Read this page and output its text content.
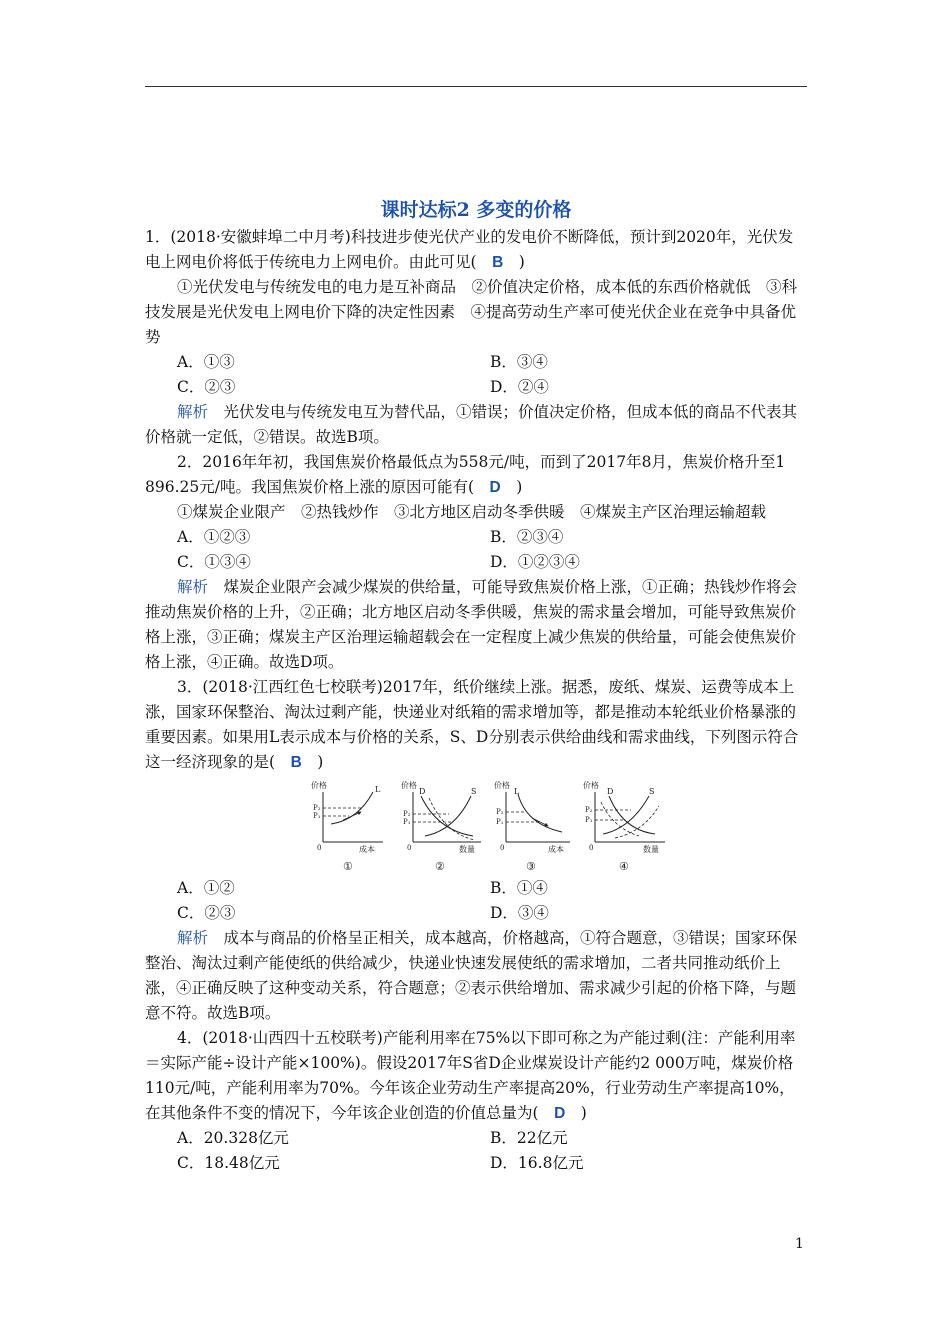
课时达标2 多变的价格

1．(2018·安徽蚌埠二中月考)科技进步使光伏产业的发电价不断降低，预计到2020年，光伏发电上网电价将低于传统电力上网电价。由此可见(　B　)

①光伏发电与传统发电的电力是互补商品　②价值决定价格，成本低的东西价格就低　③科技发展是光伏发电上网电价下降的决定性因素　④提高劳动生产率可使光伏企业在竞争中具备优势

A．①③	B．③④
C．②③	D．②④

解析　光伏发电与传统发电互为替代品，①错误；价值决定价格，但成本低的商品不代表其价格就一定低，②错误。故选B项。

2．2016年年初，我国焦炭价格最低点为558元/吨，而到了2017年8月，焦炭价格升至1 896.25元/吨。我国焦炭价格上涨的原因可能有(　D　)

①煤炭企业限产　②热钱炒作　③北方地区启动冬季供暖　④煤炭主产区治理运输超载

A．①②③	B．②③④
C．①③④	D．①②③④

解析　煤炭企业限产会减少煤炭的供给量，可能导致焦炭价格上涨，①正确；热钱炒作将会推动焦炭价格的上升，②正确；北方地区启动冬季供暖，焦炭的需求量会增加，可能导致焦炭价格上涨，③正确；煤炭主产区治理运输超载会在一定程度上减少焦炭的供给量，可能会使焦炭价格上涨，④正确。故选D项。

3．(2018·江西红色七校联考)2017年，纸价继续上涨。据悉，废纸、煤炭、运费等成本上涨，国家环保整治、淘汰过剩产能，快递业对纸箱的需求增加等，都是推动本轮纸业价格暴涨的重要因素。如果用L表示成本与价格的关系，S、D分别表示供给曲线和需求曲线，下列图示符合这一经济现象的是(　B　)

价格	L
P₂
P₁
0	成本
①
价格
D	S
P₂
P₁
0	数量
②
价格
L
P₂
P₁
0	成本
③
价格
D	S
P₂
P₁
0	数量
④
A．①②	B．①④
C．②③	D．③④

解析　成本与商品的价格呈正相关，成本越高，价格越高，①符合题意，③错误；国家环保整治、淘汰过剩产能使纸的供给减少，快递业快速发展使纸的需求增加，二者共同推动纸价上涨，④正确反映了这种变动关系，符合题意；②表示供给增加、需求减少引起的价格下降，与题意不符。故选B项。

4．(2018·山西四十五校联考)产能利用率在75%以下即可称之为产能过剩(注：产能利用率＝实际产能÷设计产能×100%)。假设2017年S省D企业煤炭设计产能约2 000万吨，煤炭价格110元/吨，产能利用率为70%。今年该企业劳动生产率提高20%，行业劳动生产率提高10%，在其他条件不变的情况下，今年该企业创造的价值总量为(　D　)

A．20.328亿元	B．22亿元
C．18.48亿元	D．16.8亿元
1
